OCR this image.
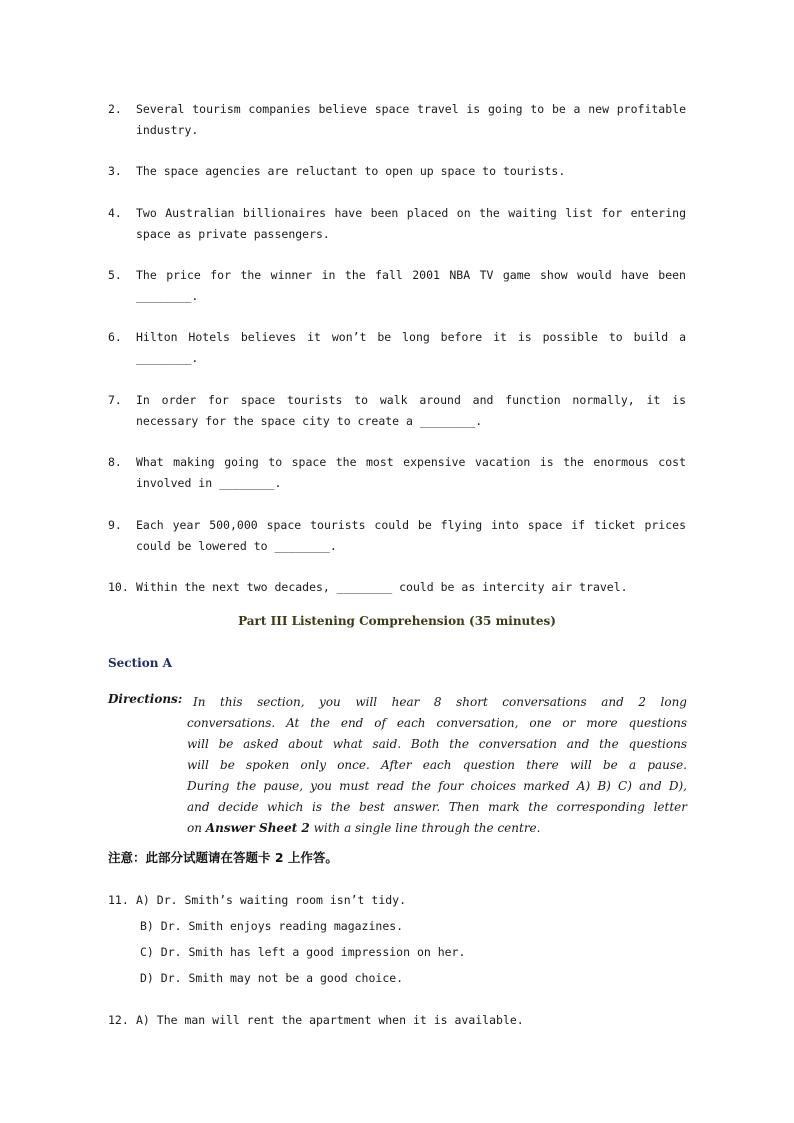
2. Several tourism companies believe space travel is going to be a new profitable industry.
3. The space agencies are reluctant to open up space to tourists.
4. Two Australian billionaires have been placed on the waiting list for entering space as private passengers.
5. The price for the winner in the fall 2001 NBA TV game show would have been ________.
6. Hilton Hotels believes it won’t be long before it is possible to build a ________.
7. In order for space tourists to walk around and function normally, it is necessary for the space city to create a ________.
8. What making going to space the most expensive vacation is the enormous cost involved in ________.
9. Each year 500,000 space tourists could be flying into space if ticket prices could be lowered to ________.
10. Within the next two decades, ________ could be as intercity air travel.
Part III Listening Comprehension (35 minutes)
Section A
Directions: In this section, you will hear 8 short conversations and 2 long
conversations. At the end of each conversation, one or more questions
will be asked about what said. Both the conversation and the questions
will be spoken only once. After each question there will be a pause.
During the pause, you must read the four choices marked A) B) C) and D),
and decide which is the best answer. Then mark the corresponding letter
on Answer Sheet 2 with a single line through the centre.
注意：此部分试题请在答题卡 2 上作答。
11. A) Dr. Smith’s waiting room isn’t tidy.
B) Dr. Smith enjoys reading magazines.
C) Dr. Smith has left a good impression on her.
D) Dr. Smith may not be a good choice.
12. A) The man will rent the apartment when it is available.
